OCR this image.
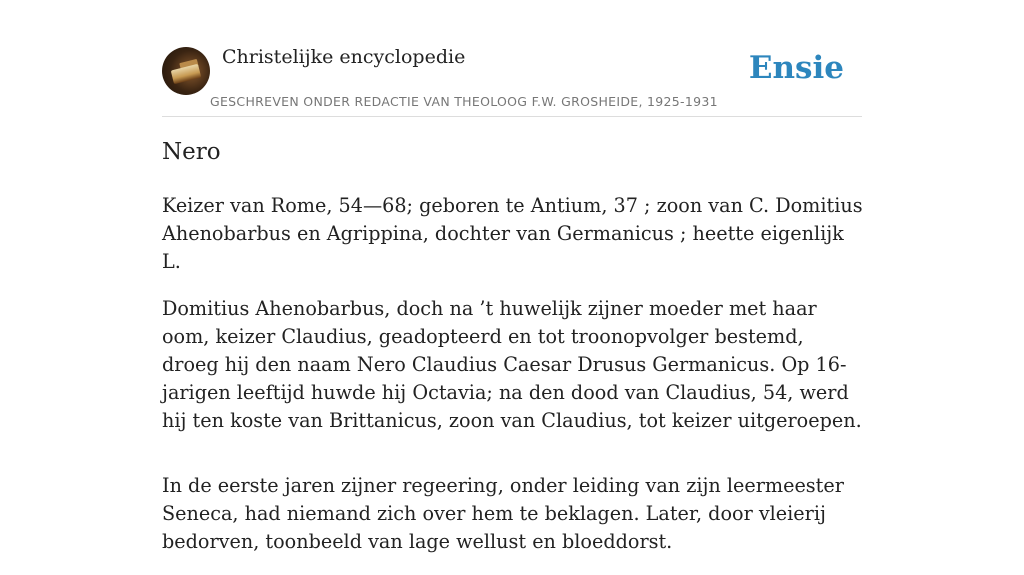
Christelijke encyclopedie
GESCHREVEN ONDER REDACTIE VAN THEOLOOG F.W. GROSHEIDE, 1925-1931
Ensie
Nero

Keizer van Rome, 54—68; geboren te Antium, 37 ; zoon van C. Domitius Ahenobarbus en Agrippina, dochter van Germanicus ; heette eigenlijk L.

Domitius Ahenobarbus, doch na ’t huwelijk zijner moeder met haar oom, keizer Claudius, geadopteerd en tot troonopvolger bestemd, droeg hij den naam Nero Claudius Caesar Drusus Germanicus. Op 16-jarigen leeftijd huwde hij Octavia; na den dood van Claudius, 54, werd hij ten koste van Brittanicus, zoon van Claudius, tot keizer uitgeroepen.

In de eerste jaren zijner regeering, onder leiding van zijn leermeester Seneca, had niemand zich over hem te beklagen. Later, door vleierij bedorven, toonbeeld van lage wellust en bloeddorst.
